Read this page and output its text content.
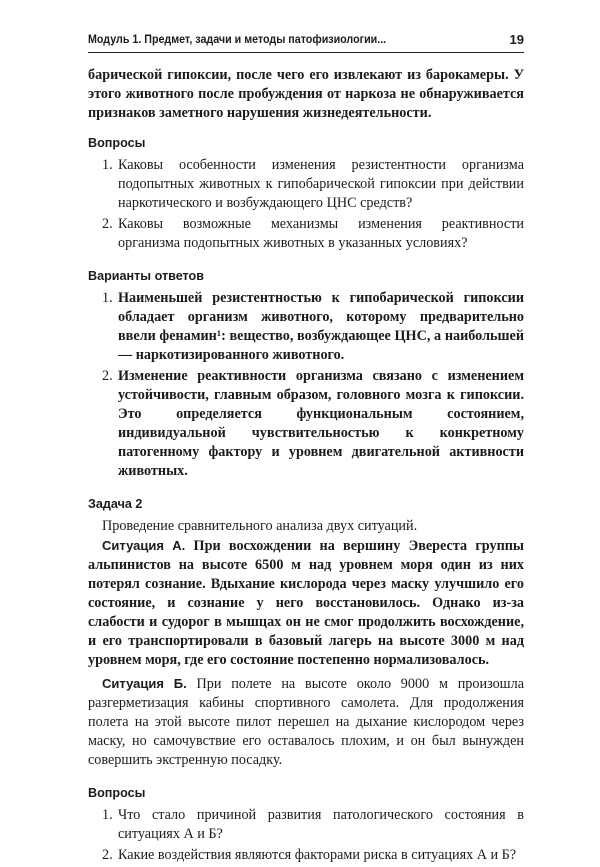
Модуль 1. Предмет, задачи и методы патофизиологии...	19

барической гипоксии, после чего его извлекают из барокамеры. У этого животного после пробуждения от наркоза не обнаруживается признаков заметного нарушения жизнедеятельности.

Вопросы
1. Каковы особенности изменения резистентности организма подопытных животных к гипобарической гипоксии при действии наркотического и возбуждающего ЦНС средств?

2. Каковы возможные механизмы изменения реактивности организма подопытных животных в указанных условиях?

Варианты ответов
1. Наименьшей резистентностью к гипобарической гипоксии обладает организм животного, которому предварительно ввели фенамин¹: вещество, возбуждающее ЦНС, а наибольшей — наркотизированного животного.

2. Изменение реактивности организма связано с изменением устойчивости, главным образом, головного мозга к гипоксии. Это определяется функциональным состоянием, индивидуальной чувствительностью к конкретному патогенному фактору и уровнем двигательной активности животных.

Задача 2

Проведение сравнительного анализа двух ситуаций.

Ситуация А. При восхождении на вершину Эвереста группы альпинистов на высоте 6500 м над уровнем моря один из них потерял сознание. Вдыхание кислорода через маску улучшило его состояние, и сознание у него восстановилось. Однако из-за слабости и судорог в мышцах он не смог продолжить восхождение, и его транспортировали в базовый лагерь на высоте 3000 м над уровнем моря, где его состояние постепенно нормализовалось.

Ситуация Б. При полете на высоте около 9000 м произошла разгерметизация кабины спортивного самолета. Для продолжения полета на этой высоте пилот перешел на дыхание кислородом через маску, но самочувствие его оставалось плохим, и он был вынужден совершить экстренную посадку.

Вопросы
1. Что стало причиной развития патологического состояния в ситуациях А и Б?

2. Какие воздействия являются факторами риска в ситуациях А и Б?
